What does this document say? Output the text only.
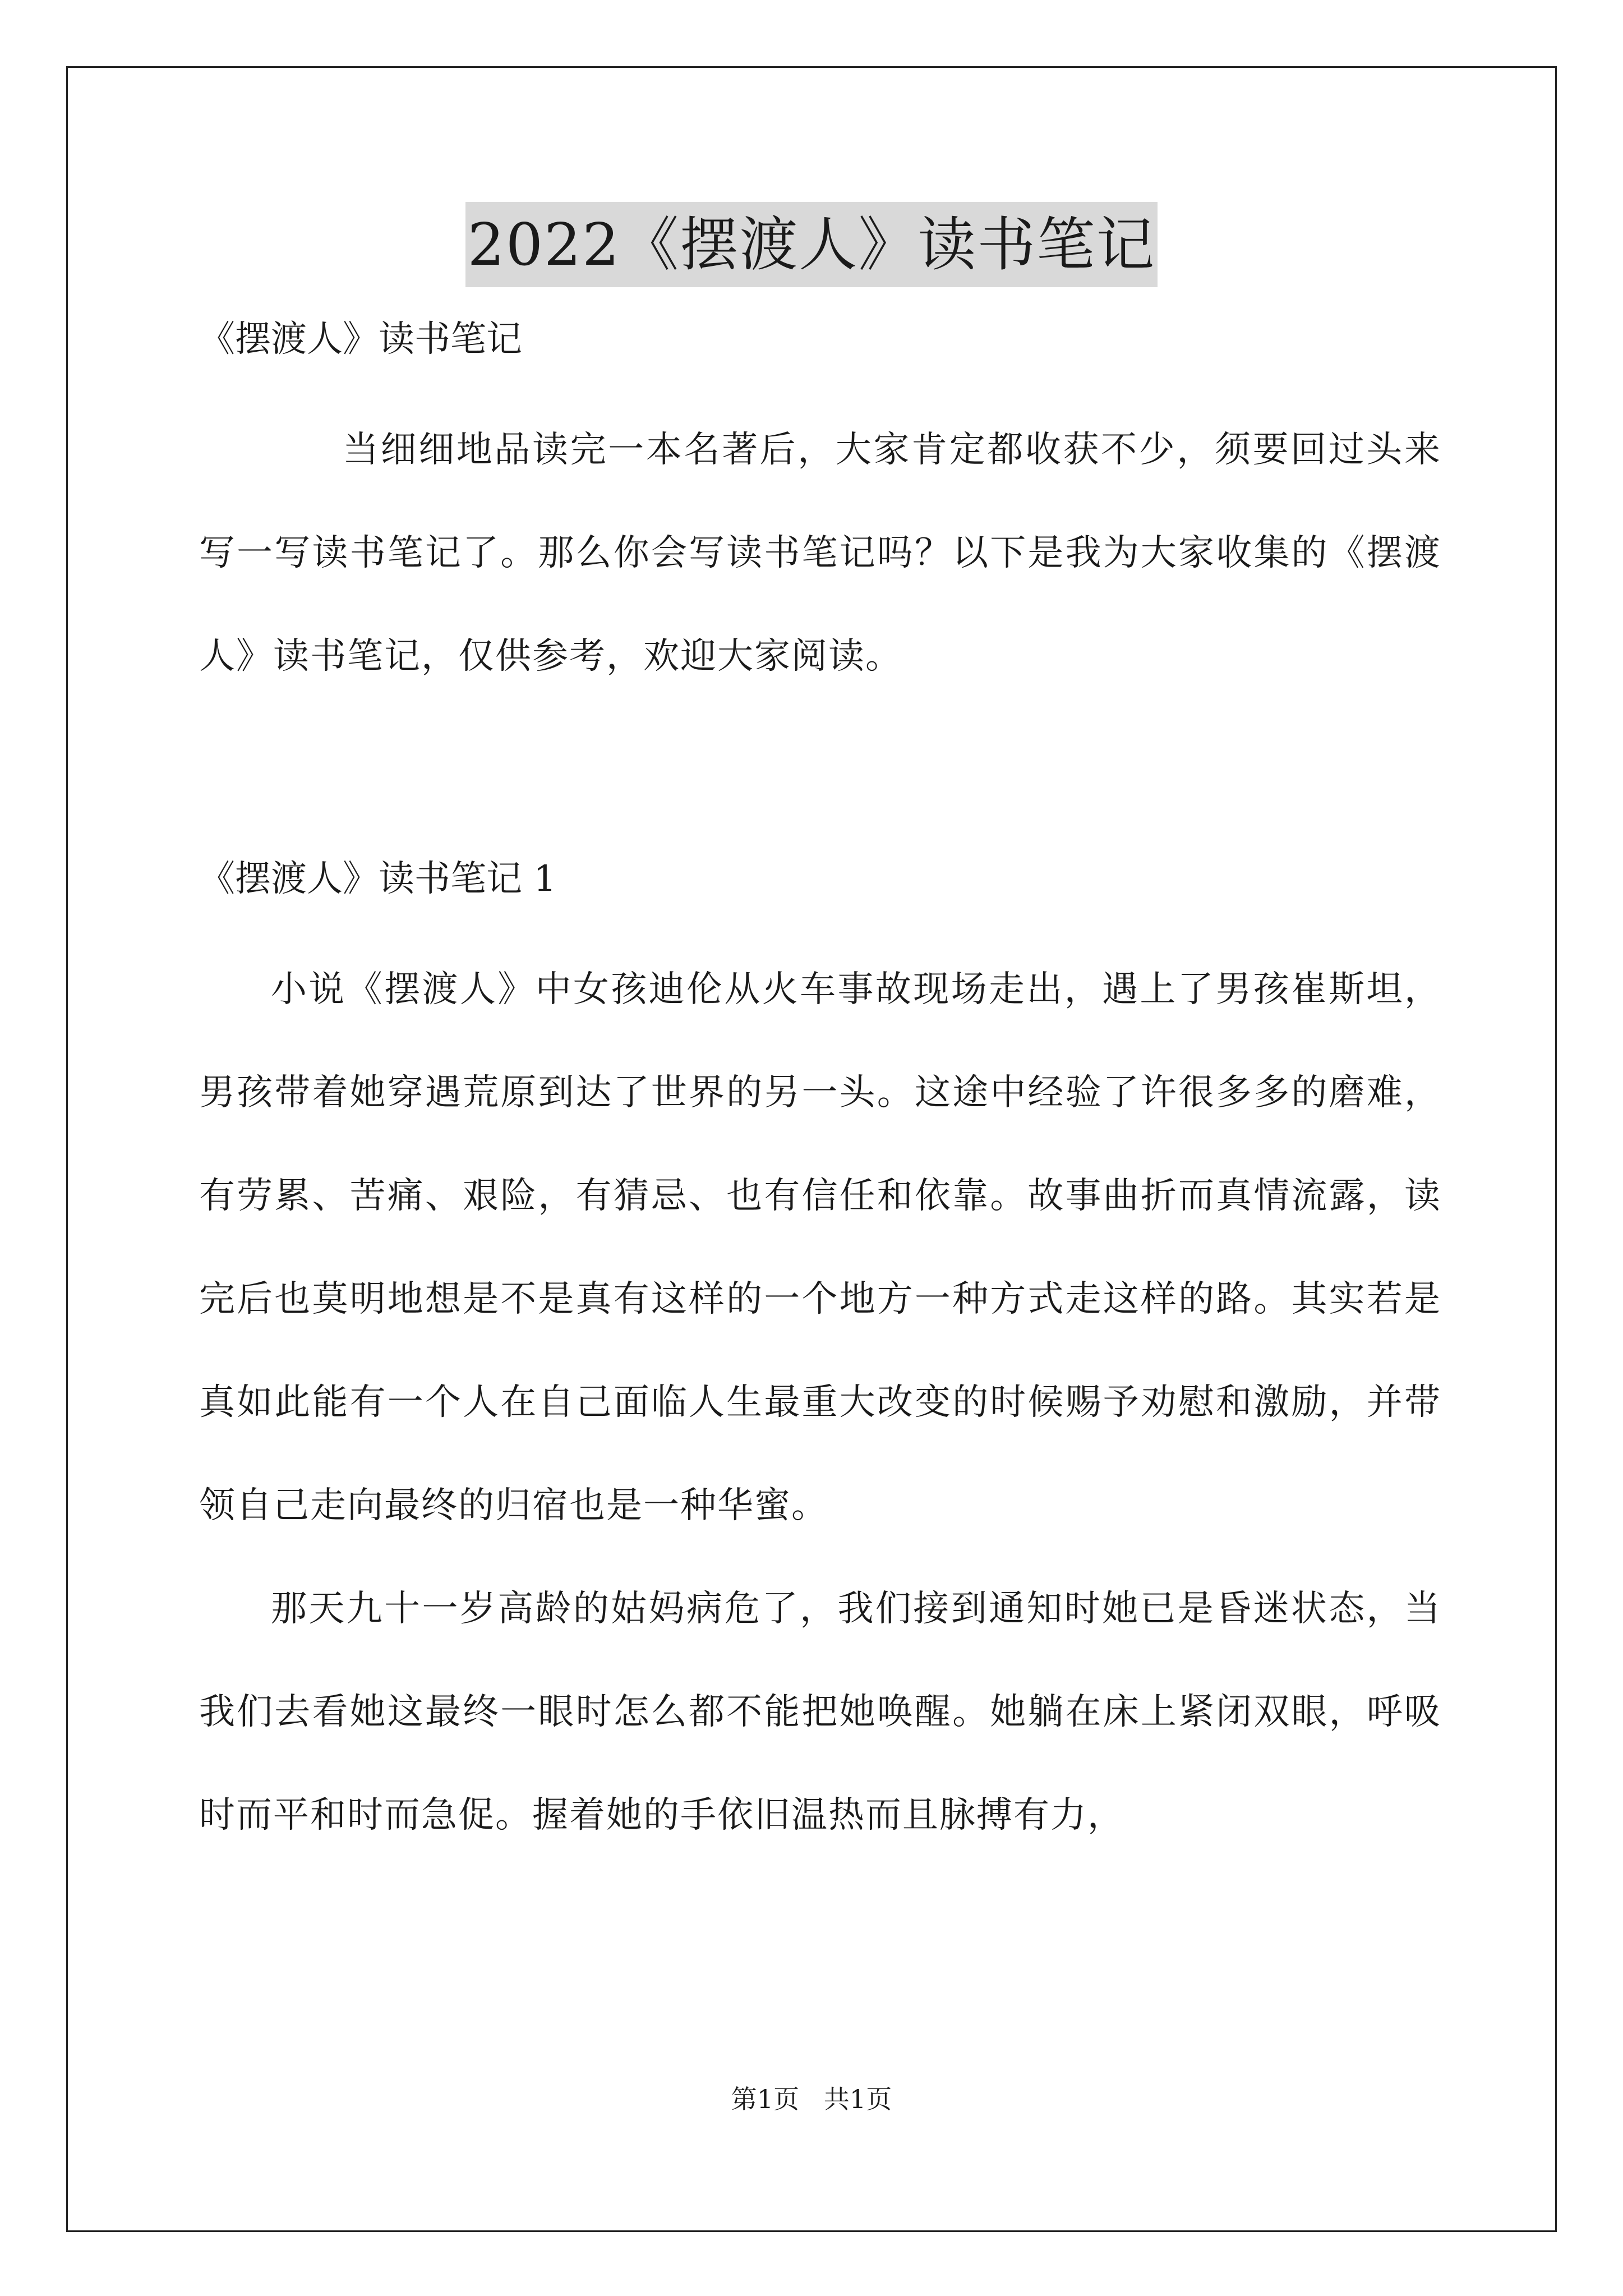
2022《摆渡人》读书笔记

《摆渡人》读书笔记

当细细地品读完一本名著后，大家肯定都收获不少，须要回过头来写一写读书笔记了。那么你会写读书笔记吗？以下是我为大家收集的《摆渡人》读书笔记，仅供参考，欢迎大家阅读。

《摆渡人》读书笔记 1

小说《摆渡人》中女孩迪伦从火车事故现场走出，遇上了男孩崔斯坦，男孩带着她穿遇荒原到达了世界的另一头。这途中经验了许很多多的磨难，有劳累、苦痛、艰险，有猜忌、也有信任和依靠。故事曲折而真情流露，读完后也莫明地想是不是真有这样的一个地方一种方式走这样的路。其实若是真如此能有一个人在自己面临人生最重大改变的时候赐予劝慰和激励，并带领自己走向最终的归宿也是一种华蜜。

那天九十一岁高龄的姑妈病危了，我们接到通知时她已是昏迷状态，当我们去看她这最终一眼时怎么都不能把她唤醒。她躺在床上紧闭双眼，呼吸时而平和时而急促。握着她的手依旧温热而且脉搏有力，

第1页   共1页
